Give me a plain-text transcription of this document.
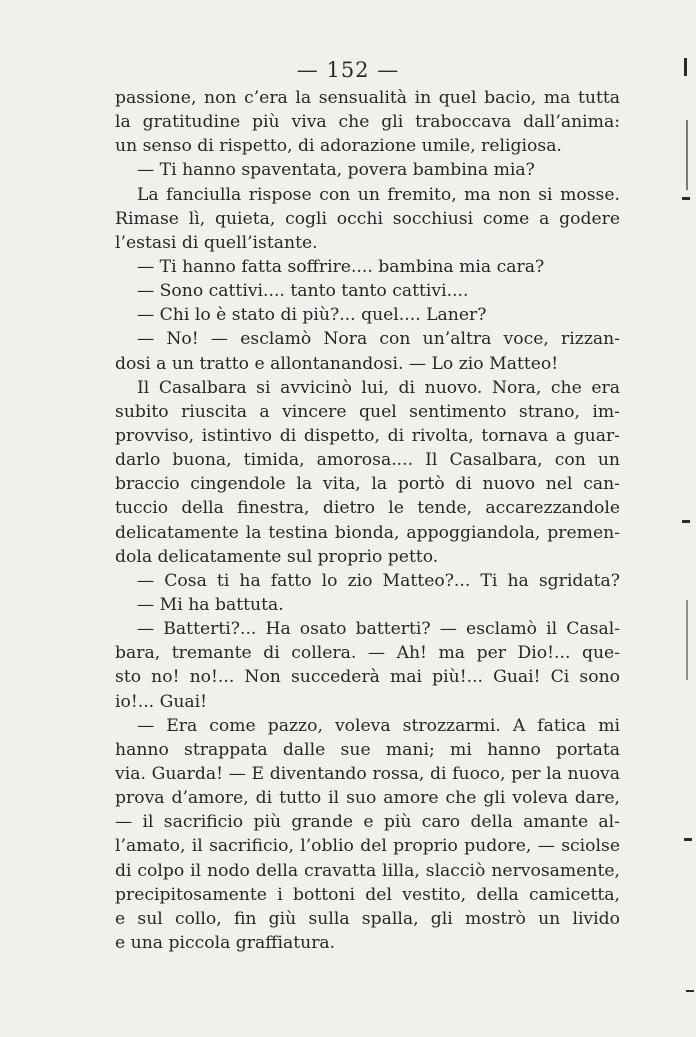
— 152 —
passione, non c’era la sensualità in quel bacio, ma tutta
la gratitudine più viva che gli traboccava dall’anima:
un senso di rispetto, di adorazione umile, religiosa.
— Ti hanno spaventata, povera bambina mia?
La fanciulla rispose con un fremito, ma non si mosse.
Rimase lì, quieta, cogli occhi socchiusi come a godere
l’estasi di quell’istante.
— Ti hanno fatta soffrire.... bambina mia cara?
— Sono cattivi.... tanto tanto cattivi....
— Chi lo è stato di più?... quel.... Laner?
— No! — esclamò Nora con un’altra voce, rizzan-
dosi a un tratto e allontanandosi. — Lo zio Matteo!
Il Casalbara si avvicinò lui, di nuovo. Nora, che era
subito riuscita a vincere quel sentimento strano, im-
provviso, istintivo di dispetto, di rivolta, tornava a guar-
darlo buona, timida, amorosa.... Il Casalbara, con un
braccio cingendole la vita, la portò di nuovo nel can-
tuccio della finestra, dietro le tende, accarezzandole
delicatamente la testina bionda, appoggiandola, premen-
dola delicatamente sul proprio petto.
— Cosa ti ha fatto lo zio Matteo?... Ti ha sgridata?
— Mi ha battuta.
— Batterti?... Ha osato batterti? — esclamò il Casal-
bara, tremante di collera. — Ah! ma per Dio!... que-
sto no! no!... Non succederà mai più!... Guai! Ci sono
io!... Guai!
— Era come pazzo, voleva strozzarmi. A fatica mi
hanno strappata dalle sue mani; mi hanno portata
via. Guarda! — E diventando rossa, di fuoco, per la nuova
prova d’amore, di tutto il suo amore che gli voleva dare,
— il sacrificio più grande e più caro della amante al-
l’amato, il sacrificio, l’oblio del proprio pudore, — sciolse
di colpo il nodo della cravatta lilla, slacciò nervosamente,
precipitosamente i bottoni del vestito, della camicetta,
e sul collo, fin giù sulla spalla, gli mostrò un livido
e una piccola graffiatura.
